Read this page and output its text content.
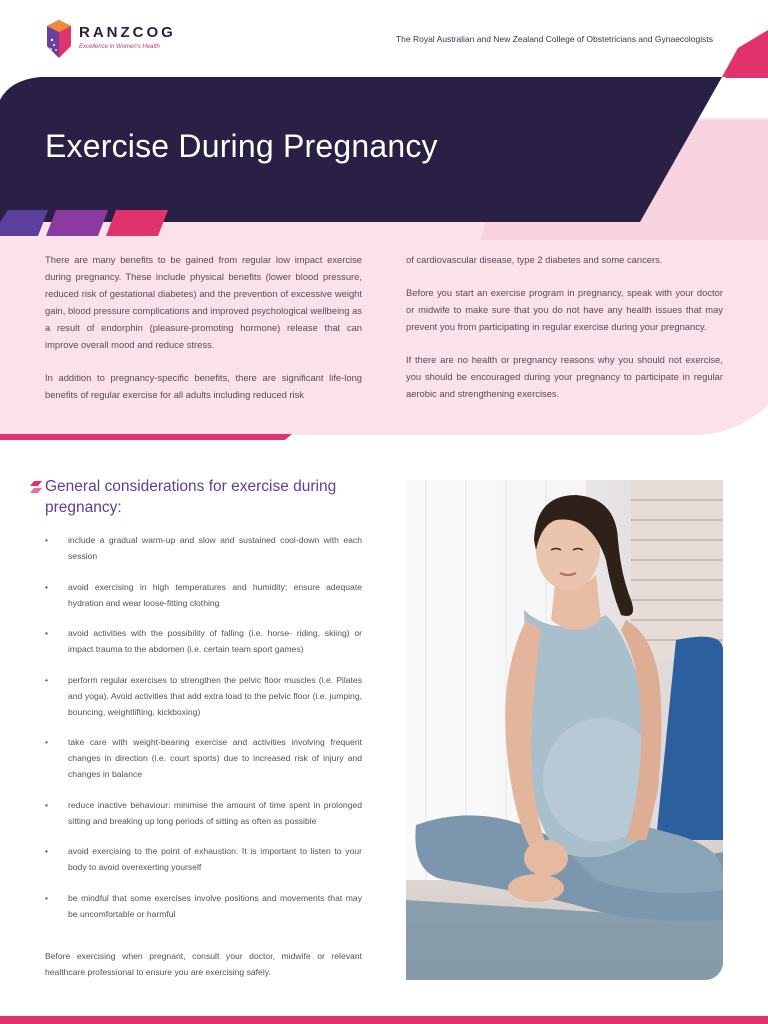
RANZCOG
Excellence in Women's Health
The Royal Australian and New Zealand College of Obstetricians and Gynaecologists
Exercise During Pregnancy

There are many benefits to be gained from regular low impact exercise during pregnancy. These include physical benefits (lower blood pressure, reduced risk of gestational diabetes) and the prevention of excessive weight gain, blood pressure complications and improved psychological wellbeing as a result of endorphin (pleasure-promoting hormone) release that can improve overall mood and reduce stress.

In addition to pregnancy-specific benefits, there are significant life-long benefits of regular exercise for all adults including reduced risk

of cardiovascular disease, type 2 diabetes and some cancers.

Before you start an exercise program in pregnancy, speak with your doctor or midwife to make sure that you do not have any health issues that may prevent you from participating in regular exercise during your pregnancy.

If there are no health or pregnancy reasons why you should not exercise, you should be encouraged during your pregnancy to participate in regular aerobic and strengthening exercises.

General considerations for exercise during pregnancy:
• include a gradual warm-up and slow and sustained cool-down with each session
• avoid exercising in high temperatures and humidity; ensure adequate hydration and wear loose-fitting clothing
• avoid activities with the possibility of falling (i.e. horse- riding, skiing) or impact trauma to the abdomen (i.e. certain team sport games)
• perform regular exercises to strengthen the pelvic floor muscles (i.e. Pilates and yoga). Avoid activities that add extra load to the pelvic floor (i.e. jumping, bouncing, weightlifting, kickboxing)
• take care with weight-bearing exercise and activities involving frequent changes in direction (i.e. court sports) due to increased risk of injury and changes in balance
• reduce inactive behaviour: minimise the amount of time spent in prolonged sitting and breaking up long periods of sitting as often as possible
• avoid exercising to the point of exhaustion. It is important to listen to your body to avoid overexerting yourself
• be mindful that some exercises involve positions and movements that may be uncomfortable or harmful
Before exercising when pregnant, consult your doctor, midwife or relevant healthcare professional to ensure you are exercising safely.
